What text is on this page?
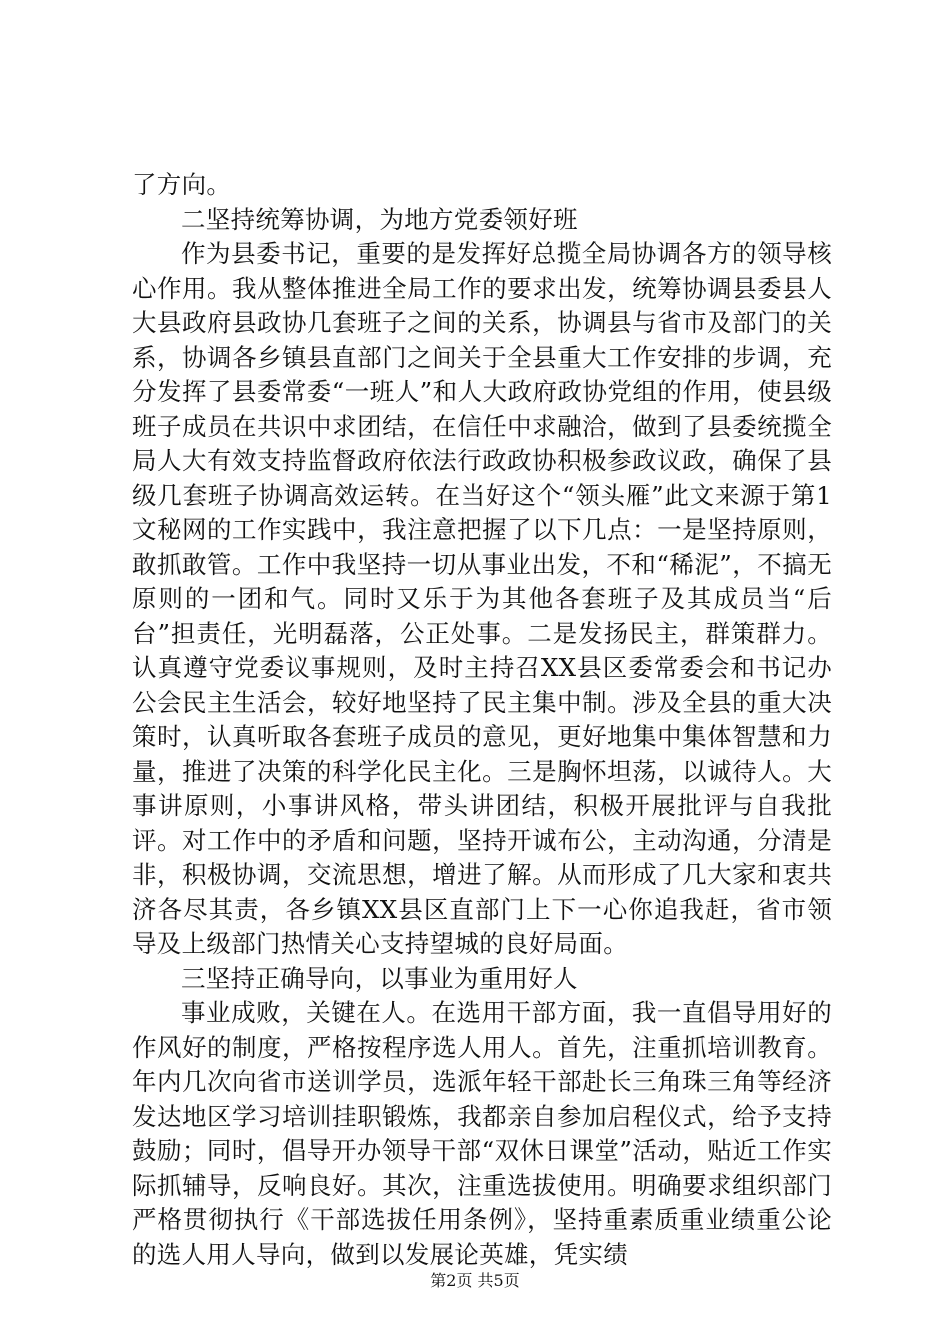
了方向。

二坚持统筹协调，为地方党委领好班

作为县委书记，重要的是发挥好总揽全局协调各方的领导核心作用。我从整体推进全局工作的要求出发，统筹协调县委县人大县政府县政协几套班子之间的关系，协调县与省市及部门的关系，协调各乡镇县直部门之间关于全县重大工作安排的步调，充分发挥了县委常委“一班人”和人大政府政协党组的作用，使县级班子成员在共识中求团结，在信任中求融洽，做到了县委统揽全局人大有效支持监督政府依法行政政协积极参政议政，确保了县级几套班子协调高效运转。在当好这个“领头雁”此文来源于第1文秘网的工作实践中，我注意把握了以下几点：一是坚持原则，敢抓敢管。工作中我坚持一切从事业出发，不和“稀泥”，不搞无原则的一团和气。同时又乐于为其他各套班子及其成员当“后台”担责任，光明磊落，公正处事。二是发扬民主，群策群力。认真遵守党委议事规则，及时主持召XX县区委常委会和书记办公会民主生活会，较好地坚持了民主集中制。涉及全县的重大决策时，认真听取各套班子成员的意见，更好地集中集体智慧和力量，推进了决策的科学化民主化。三是胸怀坦荡，以诚待人。大事讲原则，小事讲风格，带头讲团结，积极开展批评与自我批评。对工作中的矛盾和问题，坚持开诚布公，主动沟通，分清是非，积极协调，交流思想，增进了解。从而形成了几大家和衷共济各尽其责，各乡镇XX县区直部门上下一心你追我赶，省市领导及上级部门热情关心支持望城的良好局面。

三坚持正确导向，以事业为重用好人

事业成败，关键在人。在选用干部方面，我一直倡导用好的作风好的制度，严格按程序选人用人。首先，注重抓培训教育。年内几次向省市送训学员，选派年轻干部赴长三角珠三角等经济发达地区学习培训挂职锻炼，我都亲自参加启程仪式，给予支持鼓励；同时，倡导开办领导干部“双休日课堂”活动，贴近工作实际抓辅导，反响良好。其次，注重选拔使用。明确要求组织部门严格贯彻执行《干部选拔任用条例》，坚持重素质重业绩重公论的选人用人导向，做到以发展论英雄，凭实绩

第2页 共5页
